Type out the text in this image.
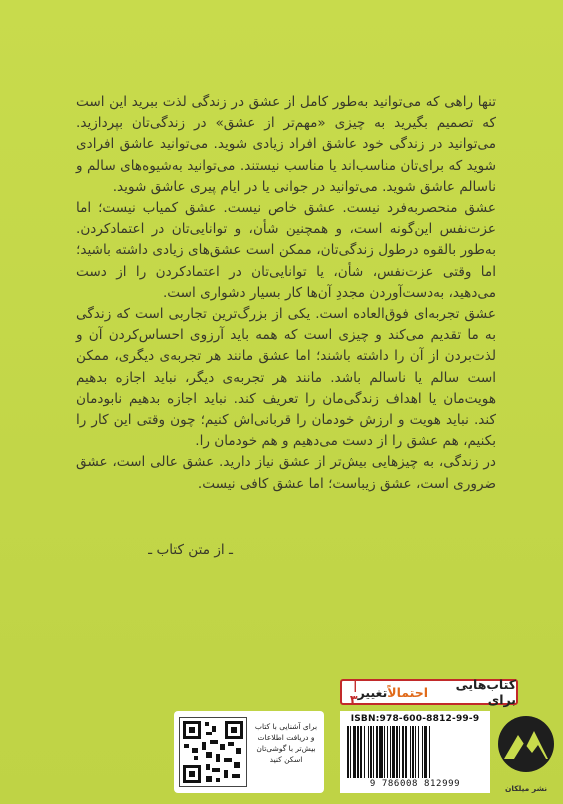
تنها راهی که می‌توانید به‌طور کامل از عشق در زندگی لذت ببرید این است که تصمیم بگیرید به چیزی «مهم‌تر از عشق» در زندگی‌تان بپردازید. می‌توانید در زندگی خود عاشق افراد زیادی شوید. می‌توانید عاشق افرادی شوید که برای‌تان مناسب‌اند یا مناسب نیستند. می‌توانید به‌شیوه‌های سالم و ناسالم عاشق شوید. می‌توانید در جوانی یا در ایام پیری عاشق شوید.

عشق منحصربه‌فرد نیست. عشق خاص نیست. عشق کمیاب نیست؛ اما عزت‌نفس این‌گونه است، و همچنین شأن، و توانایی‌تان در اعتمادکردن. به‌طور بالقوه درطول زندگی‌تان، ممکن است عشق‌های زیادی داشته باشید؛ اما وقتی عزت‌نفس، شأن، یا توانایی‌تان در اعتمادکردن را از دست می‌دهید، به‌دست‌آوردن مجددِ آن‌ها کار بسیار دشواری است.

عشق تجربه‌ای فوق‌العاده است. یکی از بزرگ‌ترین تجاربی است که زندگی به ما تقدیم می‌کند و چیزی است که همه باید آرزوی احساس‌کردن آن و لذت‌بردن از آن را داشته باشند؛ اما عشق مانند هر تجربه‌ی دیگری، ممکن است سالم یا ناسالم باشد. مانند هر تجربه‌ی دیگر، نباید اجازه بدهیم هویت‌مان یا اهداف زندگی‌مان را تعریف کند. نباید اجازه بدهیم نابودمان کند. نباید هویت و ارزش خودمان را قربانی‌اش کنیم؛ چون وقتی این کار را بکنیم، هم عشق را از دست می‌دهیم و هم خودمان را.

در زندگی، به چیزهایی بیش‌تر از عشق نیاز دارید. عشق عالی است، عشق ضروری است، عشق زیباست؛ اما عشق کافی نیست.

ـ از متن کتاب ـ
کتاب‌هایی برای
احتمالاً
تغییر
|۳
برای آشنایی با کتاب و دریافت اطلاعات بیش‌تر با گوشی‌تان اسکن کنید
ISBN:978-600-8812-99-9
9 786008 812999	نشر میلکان
